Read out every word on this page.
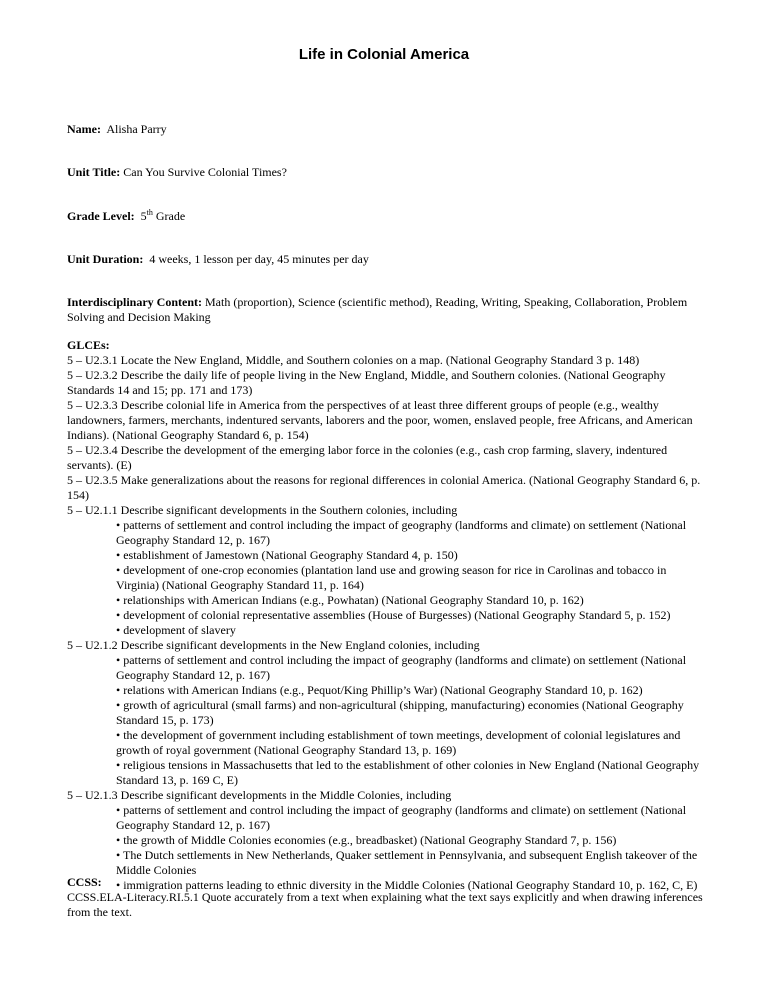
Life in Colonial America
Name: Alisha Parry
Unit Title: Can You Survive Colonial Times?
Grade Level: 5th Grade
Unit Duration: 4 weeks, 1 lesson per day, 45 minutes per day

Interdisciplinary Content: Math (proportion), Science (scientific method), Reading, Writing, Speaking, Collaboration, Problem Solving and Decision Making

GLCEs:

5 – U2.3.1 Locate the New England, Middle, and Southern colonies on a map. (National Geography Standard 3 p. 148)

5 – U2.3.2 Describe the daily life of people living in the New England, Middle, and Southern colonies. (National Geography Standards 14 and 15; pp. 171 and 173)

5 – U2.3.3 Describe colonial life in America from the perspectives of at least three different groups of people (e.g., wealthy landowners, farmers, merchants, indentured servants, laborers and the poor, women, enslaved people, free Africans, and American Indians). (National Geography Standard 6, p. 154)

5 – U2.3.4 Describe the development of the emerging labor force in the colonies (e.g., cash crop farming, slavery, indentured servants). (E)

5 – U2.3.5 Make generalizations about the reasons for regional differences in colonial America. (National Geography Standard 6, p. 154)

5 – U2.1.1 Describe significant developments in the Southern colonies, including

• patterns of settlement and control including the impact of geography (landforms and climate) on settlement (National Geography Standard 12, p. 167)

• establishment of Jamestown (National Geography Standard 4, p. 150)

• development of one-crop economies (plantation land use and growing season for rice in Carolinas and tobacco in Virginia) (National Geography Standard 11, p. 164)

• relationships with American Indians (e.g., Powhatan) (National Geography Standard 10, p. 162)

• development of colonial representative assemblies (House of Burgesses) (National Geography Standard 5, p. 152)

• development of slavery

5 – U2.1.2 Describe significant developments in the New England colonies, including

• patterns of settlement and control including the impact of geography (landforms and climate) on settlement (National Geography Standard 12, p. 167)

• relations with American Indians (e.g., Pequot/King Phillip’s War) (National Geography Standard 10, p. 162)

• growth of agricultural (small farms) and non-agricultural (shipping, manufacturing) economies (National Geography Standard 15, p. 173)

• the development of government including establishment of town meetings, development of colonial legislatures and growth of royal government (National Geography Standard 13, p. 169)

• religious tensions in Massachusetts that led to the establishment of other colonies in New England (National Geography Standard 13, p. 169 C, E)

5 – U2.1.3 Describe significant developments in the Middle Colonies, including

• patterns of settlement and control including the impact of geography (landforms and climate) on settlement (National Geography Standard 12, p. 167)

• the growth of Middle Colonies economies (e.g., breadbasket) (National Geography Standard 7, p. 156)

• The Dutch settlements in New Netherlands, Quaker settlement in Pennsylvania, and subsequent English takeover of the Middle Colonies

• immigration patterns leading to ethnic diversity in the Middle Colonies (National Geography Standard 10, p. 162, C, E)

CCSS:

CCSS.ELA-Literacy.RI.5.1 Quote accurately from a text when explaining what the text says explicitly and when drawing inferences from the text.
